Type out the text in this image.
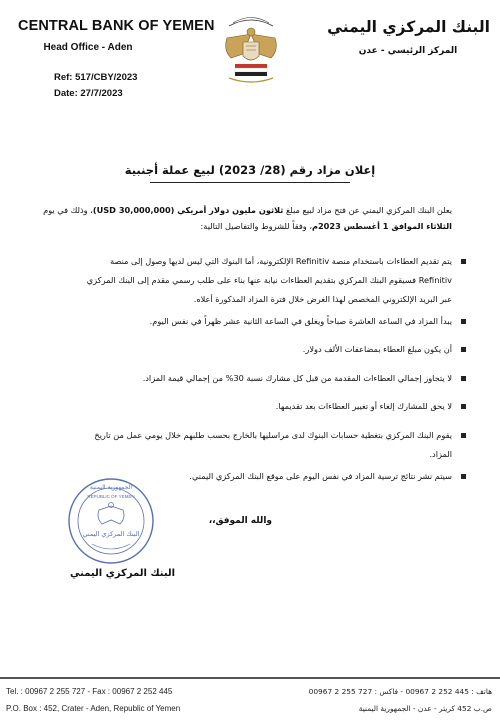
CENTRAL BANK OF YEMEN
Head Office - Aden
Ref: 517/CBY/2023
Date: 27/7/2023
البنك المركزي اليمني
المركز الرئيسي - عدن
إعلان مزاد رقم (28/ 2023) لبيع عملة أجنبية
يعلن البنك المركزي اليمني عن فتح مزاد لبيع مبلغ ثلاثون مليون دولار أمريكي (30,000,000 USD)، وذلك في يوم
الثلاثاء الموافق 1 أغسطس 2023م، وفقاً للشروط والتفاصيل التالية:
يتم تقديم العطاءات باستخدام منصة Refinitiv الإلكترونية، أما البنوك التي ليس لديها وصول إلى منصة
Refinitiv فسيقوم البنك المركزي بتقديم العطاءات نيابة عنها بناء على طلب رسمي مقدم إلى البنك المركزي
عبر البريد الإلكتروني المخصص لهذا الغرض خلال فترة المزاد المذكورة أعلاه.
يبدأ المزاد في الساعة العاشرة صباحاً ويغلق في الساعة الثانية عشر ظهراً في نفس اليوم.
أن يكون مبلغ العطاء بمضاعفات الألف دولار.
لا يتجاوز إجمالي العطاءات المقدمة من قبل كل مشارك نسبة 30% من إجمالي قيمة المزاد.
لا يحق للمشارك إلغاء أو تغيير العطاءات بعد تقديمها.
يقوم البنك المركزي بتغطية حسابات البنوك لدى مراسليها بالخارج بحسب طلبهم خلال يومي عمل من تاريخ
المزاد.
سيتم نشر نتائج ترسية المزاد في نفس اليوم على موقع البنك المركزي اليمني.
والله الموفق،،
الجمهورية اليمنية
REPUBLIC OF YEMEN
البنك المركزي اليمني
البنك المركزي اليمني
Tel. : 00967 2 255 727 - Fax : 00967 2 252 445
P.O. Box : 452, Crater - Aden, Republic of Yemen
هاتف : 445 252 2 00967 - فاكس : 727 255 2 00967
ص.ب 452 كريتر - عدن - الجمهورية اليمنية
